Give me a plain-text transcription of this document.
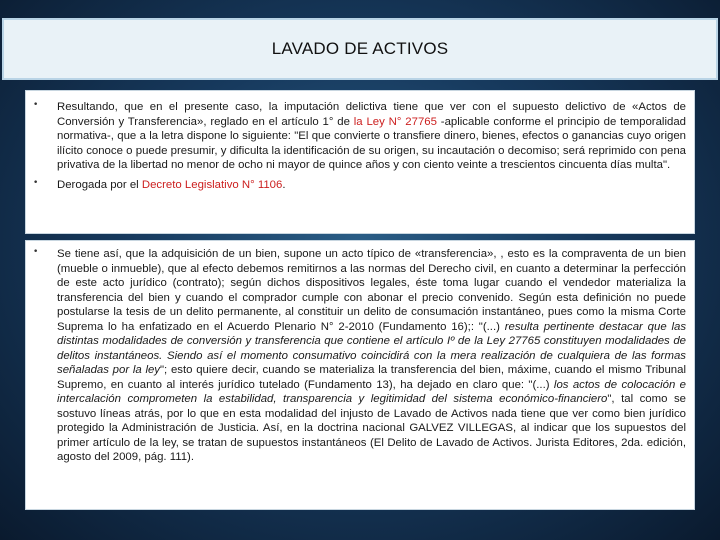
LAVADO DE ACTIVOS
• Resultando, que en el presente caso, la imputación delictiva tiene que ver con el supuesto delictivo de «Actos de Conversión y Transferencia», reglado en el artículo 1° de la Ley N° 27765 -aplicable conforme el principio de temporalidad normativa-, que a la letra dispone lo siguiente: "El que convierte o transfiere dinero, bienes, efectos o ganancias cuyo origen ilícito conoce o puede presumir, y dificulta la identificación de su origen, su incautación o decomiso; será reprimido con pena privativa de la libertad no menor de ocho ni mayor de quince años y con ciento veinte a trescientos cincuenta días multa".

• Derogada por el Decreto Legislativo N° 1106.

• Se tiene así, que la adquisición de un bien, supone un acto típico de «transferencia», , esto es la compraventa de un bien (mueble o inmueble), que al efecto debemos remitirnos a las normas del Derecho civil, en cuanto a determinar la perfección de este acto jurídico (contrato); según dichos dispositivos legales, éste toma lugar cuando el vendedor materializa la transferencia del bien y cuando el comprador cumple con abonar el precio convenido. Según esta definición no puede postularse la tesis de un delito permanente, al constituir un delito de consumación instantáneo, pues como la misma Corte Suprema lo ha enfatizado en el Acuerdo Plenario N° 2-2010 (Fundamento 16);: "(...) resulta pertinente destacar que las distintas modalidades de conversión y transferencia que contiene el artículo Iº de la Ley 27765 constituyen modalidades de delitos instantáneos. Siendo así el momento consumativo coincidirá con la mera realización de cualquiera de las formas señaladas por la ley"; esto quiere decir, cuando se materializa la transferencia del bien, máxime, cuando el mismo Tribunal Supremo, en cuanto al interés jurídico tutelado (Fundamento 13), ha dejado en claro que: "(...) los actos de colocación e intercalación comprometen la estabilidad, transparencia y legitimidad del sistema económico-financiero", tal como se sostuvo líneas atrás, por lo que en esta modalidad del injusto de Lavado de Activos nada tiene que ver como bien jurídico protegido la Administración de Justicia. Así, en la doctrina nacional GALVEZ VILLEGAS, al indicar que los supuestos del primer artículo de la ley, se tratan de supuestos instantáneos (El Delito de Lavado de Activos. Jurista Editores, 2da. edición, agosto del 2009, pág. 111).
